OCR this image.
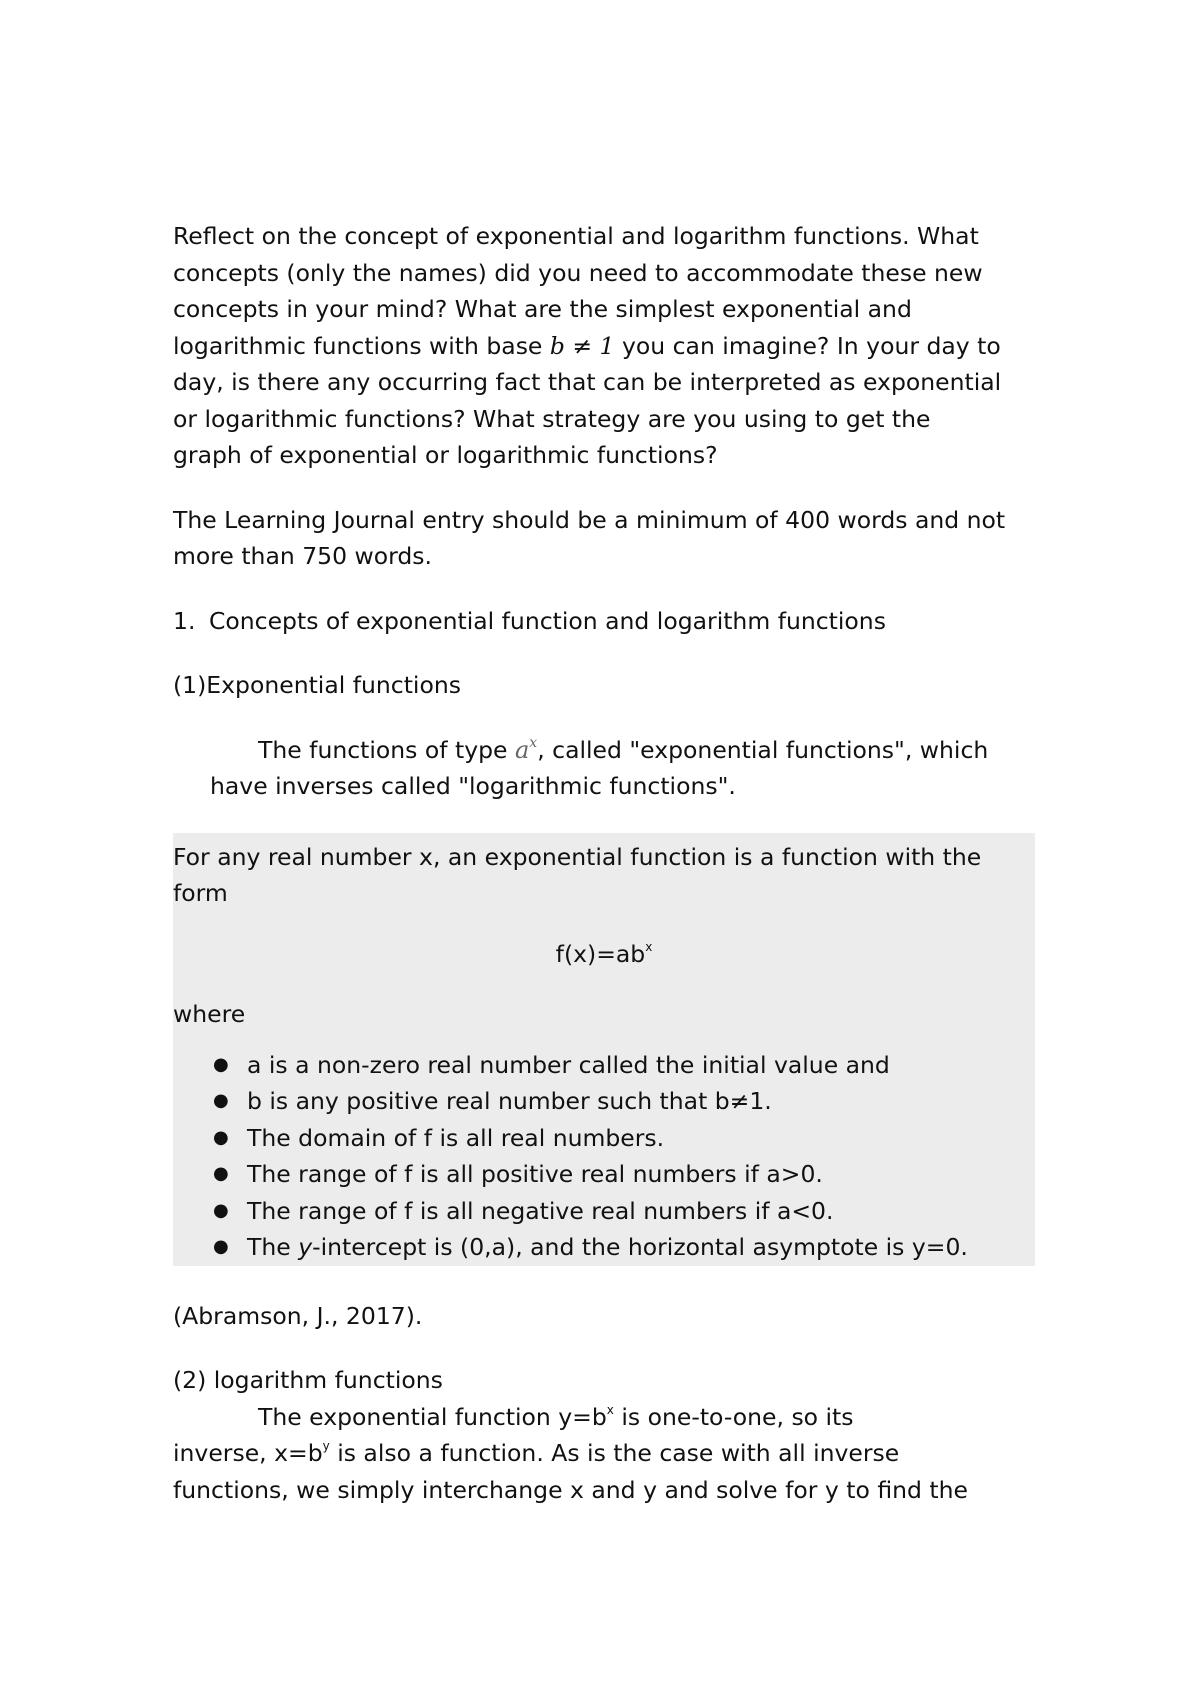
Reflect on the concept of exponential and logarithm functions. What
concepts (only the names) did you need to accommodate these new
concepts in your mind? What are the simplest exponential and
logarithmic functions with base b ≠ 1 you can imagine? In your day to
day, is there any occurring fact that can be interpreted as exponential
or logarithmic functions? What strategy are you using to get the
graph of exponential or logarithmic functions?

The Learning Journal entry should be a minimum of 400 words and not
more than 750 words.

1. Concepts of exponential function and logarithm functions

(1)Exponential functions

The functions of type $a^x$, called "exponential functions", which
have inverses called "logarithmic functions".

For any real number x, an exponential function is a function with the
form

$f(x)=ab^x$

where

● a is a non-zero real number called the initial value and
● b is any positive real number such that b≠1.
● The domain of f is all real numbers.
● The range of f is all positive real numbers if a>0.
● The range of f is all negative real numbers if a<0.
● The y-intercept is (0,a), and the horizontal asymptote is y=0.

(Abramson, J., 2017).

(2) logarithm functions

The exponential function $y=b^x$ is one-to-one, so its
inverse, $x=b^y$ is also a function. As is the case with all inverse
functions, we simply interchange x and y and solve for y to find the
